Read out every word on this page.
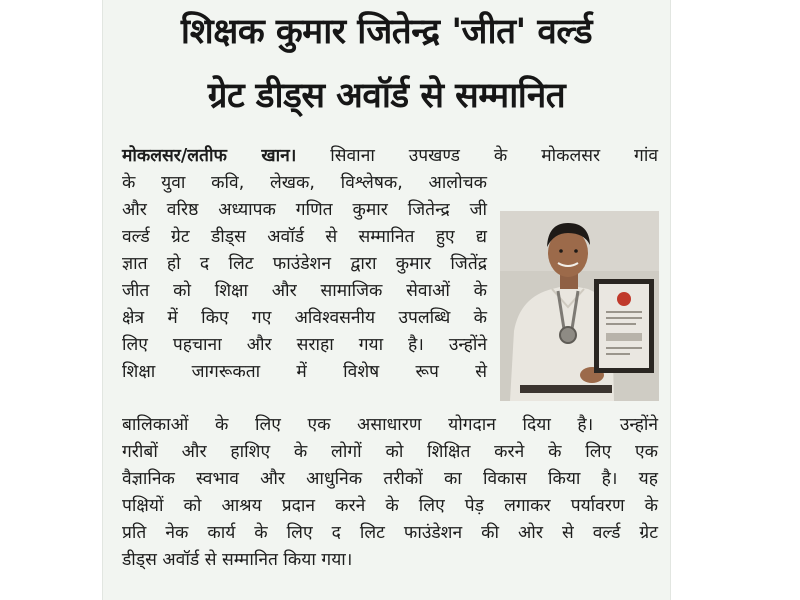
शिक्षक कुमार जितेन्द्र 'जीत' वर्ल्ड
ग्रेट डीड्स अवॉर्ड से सम्मानित
मोकलसर/लतीफ खान। सिवाना उपखण्ड के मोकलसर गांव
के युवा कवि, लेखक, विश्लेषक, आलोचक
और वरिष्ठ अध्यापक गणित कुमार जितेन्द्र जी
वर्ल्ड ग्रेट डीड्स अवॉर्ड से सम्मानित हुए द्य
ज्ञात हो द लिट फाउंडेशन द्वारा कुमार जितेंद्र
जीत को शिक्षा और सामाजिक सेवाओं के
क्षेत्र में किए गए अविश्वसनीय उपलब्धि के
लिए पहचाना और सराहा गया है। उन्होंने
शिक्षा जागरूकता में विशेष रूप से
बालिकाओं के लिए एक असाधारण योगदान दिया है। उन्होंने
गरीबों और हाशिए के लोगों को शिक्षित करने के लिए एक
वैज्ञानिक स्वभाव और आधुनिक तरीकों का विकास किया है। यह
पक्षियों को आश्रय प्रदान करने के लिए पेड़ लगाकर पर्यावरण के
प्रति नेक कार्य के लिए द लिट फाउंडेशन की ओर से वर्ल्ड ग्रेट
डीड्स अवॉर्ड से सम्मानित किया गया।
